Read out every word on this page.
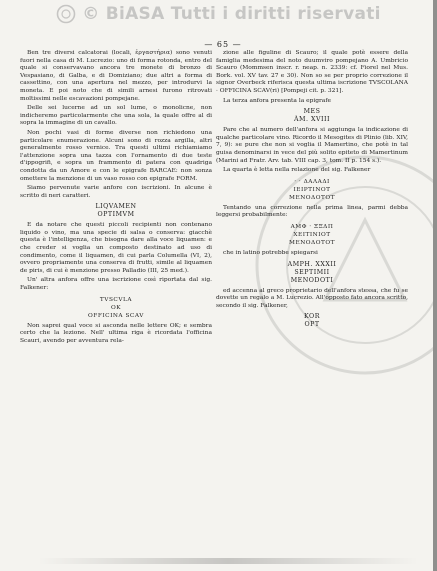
© BiASA Tutti i diritti riservati
— 65 —

Ben tre diversi calcatorai (locali, ἐργαστήρια) sono venuti fuori nella casa di M. Lucrezio: uno di forma rotonda, entro del quale si conservavano ancora tre monete di bronzo di Vespasiano, di Galba, e di Domiziano; due altri a forma di cassettino, con una apertura nel mezzo, per introdurvi la moneta. E poi noto che di simili arnesi furono ritrovati moltissimi nelle escavazioni pompejane.

Delle sei lucerne ad un sol lume, o monolicne, non indicheremo particolarmente che una sola, la quale offre al di sopra la immagine di un cavallo.

Non pochi vasi di forme diverse non richiedono una particolare enumerazione. Alcuni sono di rozza argilla, altri generalmente rosso vernice. Tra questi ultimi richiamiamo l'attenzione sopra una tazza con l'ornamento di due teste d'ippogrifi, e sopra un frammento di patera con quadriga condotta da un Amore e con le epigrafe BARCAE: non sonza omettere la menzione di un vaso rosso con epigrafe FORM.

Siamo pervenute varie anfore con iscrizioni. In alcune è scritto di neri caratteri.

LIQVAMEN
OPTIMVM

E da notare che questi piccoli recipienti non contenano liquido o vino, ma una specie di salsa o conserva: giacchè questa è l'intelligenza, che bisogna dare alla voce liquamen: e che creder si voglia un composto destinato ad uso di condimento, come il liquamen, di cui parla Columella (VI, 2), ovvero propriamente una conserva di frutti, simile al liquamen de piris, di cui è menzione presso Palladio (III, 25 med.).

Un' altra anfora offre una iscrizione così riportata dal sig. Falkener:

TVSCVLA
OK
OFFICINA SCAV

Non saprei qual voce si asconda nelle lettere OK; e sembra certo che la lezione. Nell' ultima riga è ricordata l'officina Scauri, avendo per avventura rela-

zione alle figuline di Scauro; il quale potè essere della famiglia medesima del noto duumviro pompejano A. Umbricio Scauro (Mommsen inscr. r. neap. n. 2339: cf. Fiorel nel Mus. Bork. vol. XV tav. 27 e 30). Non so se per proprio correzione il signor Overbeck riferisca questa ultima iscrizione TVSCOLANA · OFFICINA SCAV(ri) [Pompeji cit. p. 321].

La terza anfora presenta la epigrafe

MES
ÀM. XVIII

Pare che al numero dell'anfora si aggiunga la indicazione di qualche particolare vino. Ricordo il Mesogites di Plinio (lib. XIV, 7, 9): se pure che non si voglia il Mamertino, che potè in tal guisa denominarsi in vece del più solito epiteto di Mamertinum (Marini ad Fratr. Arv. tab. VIII cap. 3, tom. II p. 154 s.).

La quarta è letta nella relazione del sig. Falkener

· · ΔΑΛΑΔΙ
ΙΕΙΡΤΙΝΟΤ
ΜΕΝΟΔΟΤΟΤ

Tentando una correzione nella prima linea, parmi debba leggersi probabilmente:

ΑΜΦ · ΞΞΔΠ
ΧΕΙΤΙΝΙΟΤ
ΜΕΝΟΔΟΤΟΤ

che in latino potrebbe spiegarsi

AMPH. XXXII
SEPTIMII
MENODOTI

ed accenna al greco proprietario dell'anfora stessa, che fu se dovette un regalo a M. Lucrezio. All'opposto fato ancora scritto, secondo il sig. Falkener,

KOR
OPT
